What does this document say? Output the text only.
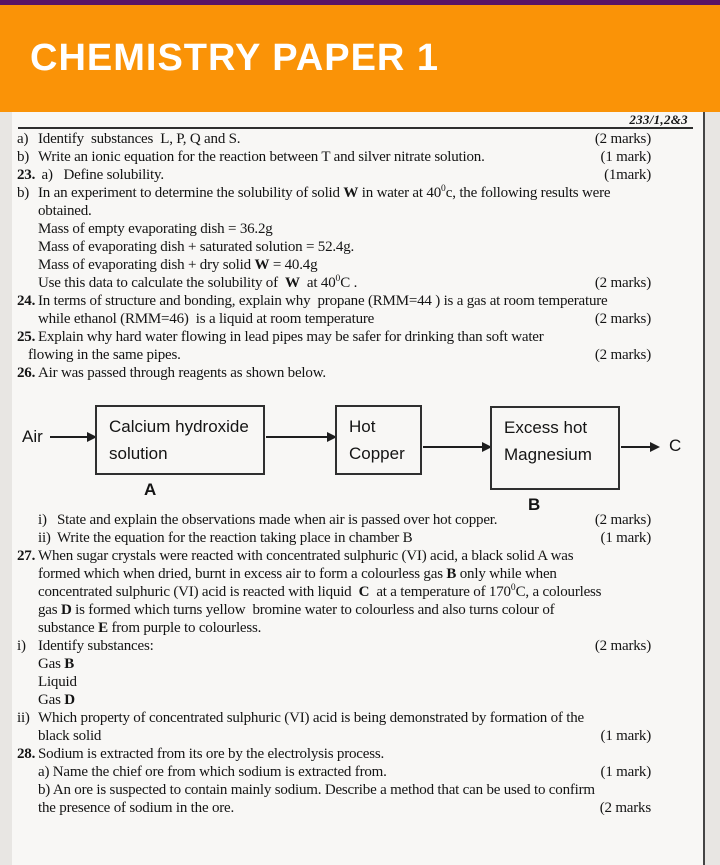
CHEMISTRY PAPER 1
233/1,2&3
a) Identify  substances  L, P, Q and S.	(2 marks)
b) Write an ionic equation for the reaction between T and silver nitrate solution.	(1 mark)
23. a)   Define solubility.	(1mark)
b) In an experiment to determine the solubility of solid W in water at $40^0c$, the following results were
obtained.
Mass of empty evaporating dish = 36.2g
Mass of evaporating dish + saturated solution = 52.4g.
Mass of evaporating dish + dry solid W = 40.4g
Use this data to calculate the solubility of  W  at $40^0C$ .	(2 marks)
24. In terms of structure and bonding, explain why  propane (RMM=44 ) is a gas at room temperature
while ethanol (RMM=46)  is a liquid at room temperature	(2 marks)
25. Explain why hard water flowing in lead pipes may be safer for drinking than soft water
flowing in the same pipes.	(2 marks)
26. Air was passed through reagents as shown below.
Air
Calcium hydroxide
solution
A
Hot
Copper
Excess hot
Magnesium
B
C
i) State and explain the observations made when air is passed over hot copper.	(2 marks)
ii) Write the equation for the reaction taking place in chamber B	(1 mark)
27. When sugar crystals were reacted with concentrated sulphuric (VI) acid, a black solid A was
formed which when dried, burnt in excess air to form a colourless gas B only while when
concentrated sulphuric (VI) acid is reacted with liquid  C  at a temperature of $170^0C$, a colourless
gas D is formed which turns yellow  bromine water to colourless and also turns colour of
substance E from purple to colourless.
i) Identify substances:	(2 marks)
Gas B
Liquid
Gas D
ii) Which property of concentrated sulphuric (VI) acid is being demonstrated by formation of the
black solid	(1 mark)
28. Sodium is extracted from its ore by the electrolysis process.
a) Name the chief ore from which sodium is extracted from.	(1 mark)
b) An ore is suspected to contain mainly sodium. Describe a method that can be used to confirm
the presence of sodium in the ore.	(2 marks
